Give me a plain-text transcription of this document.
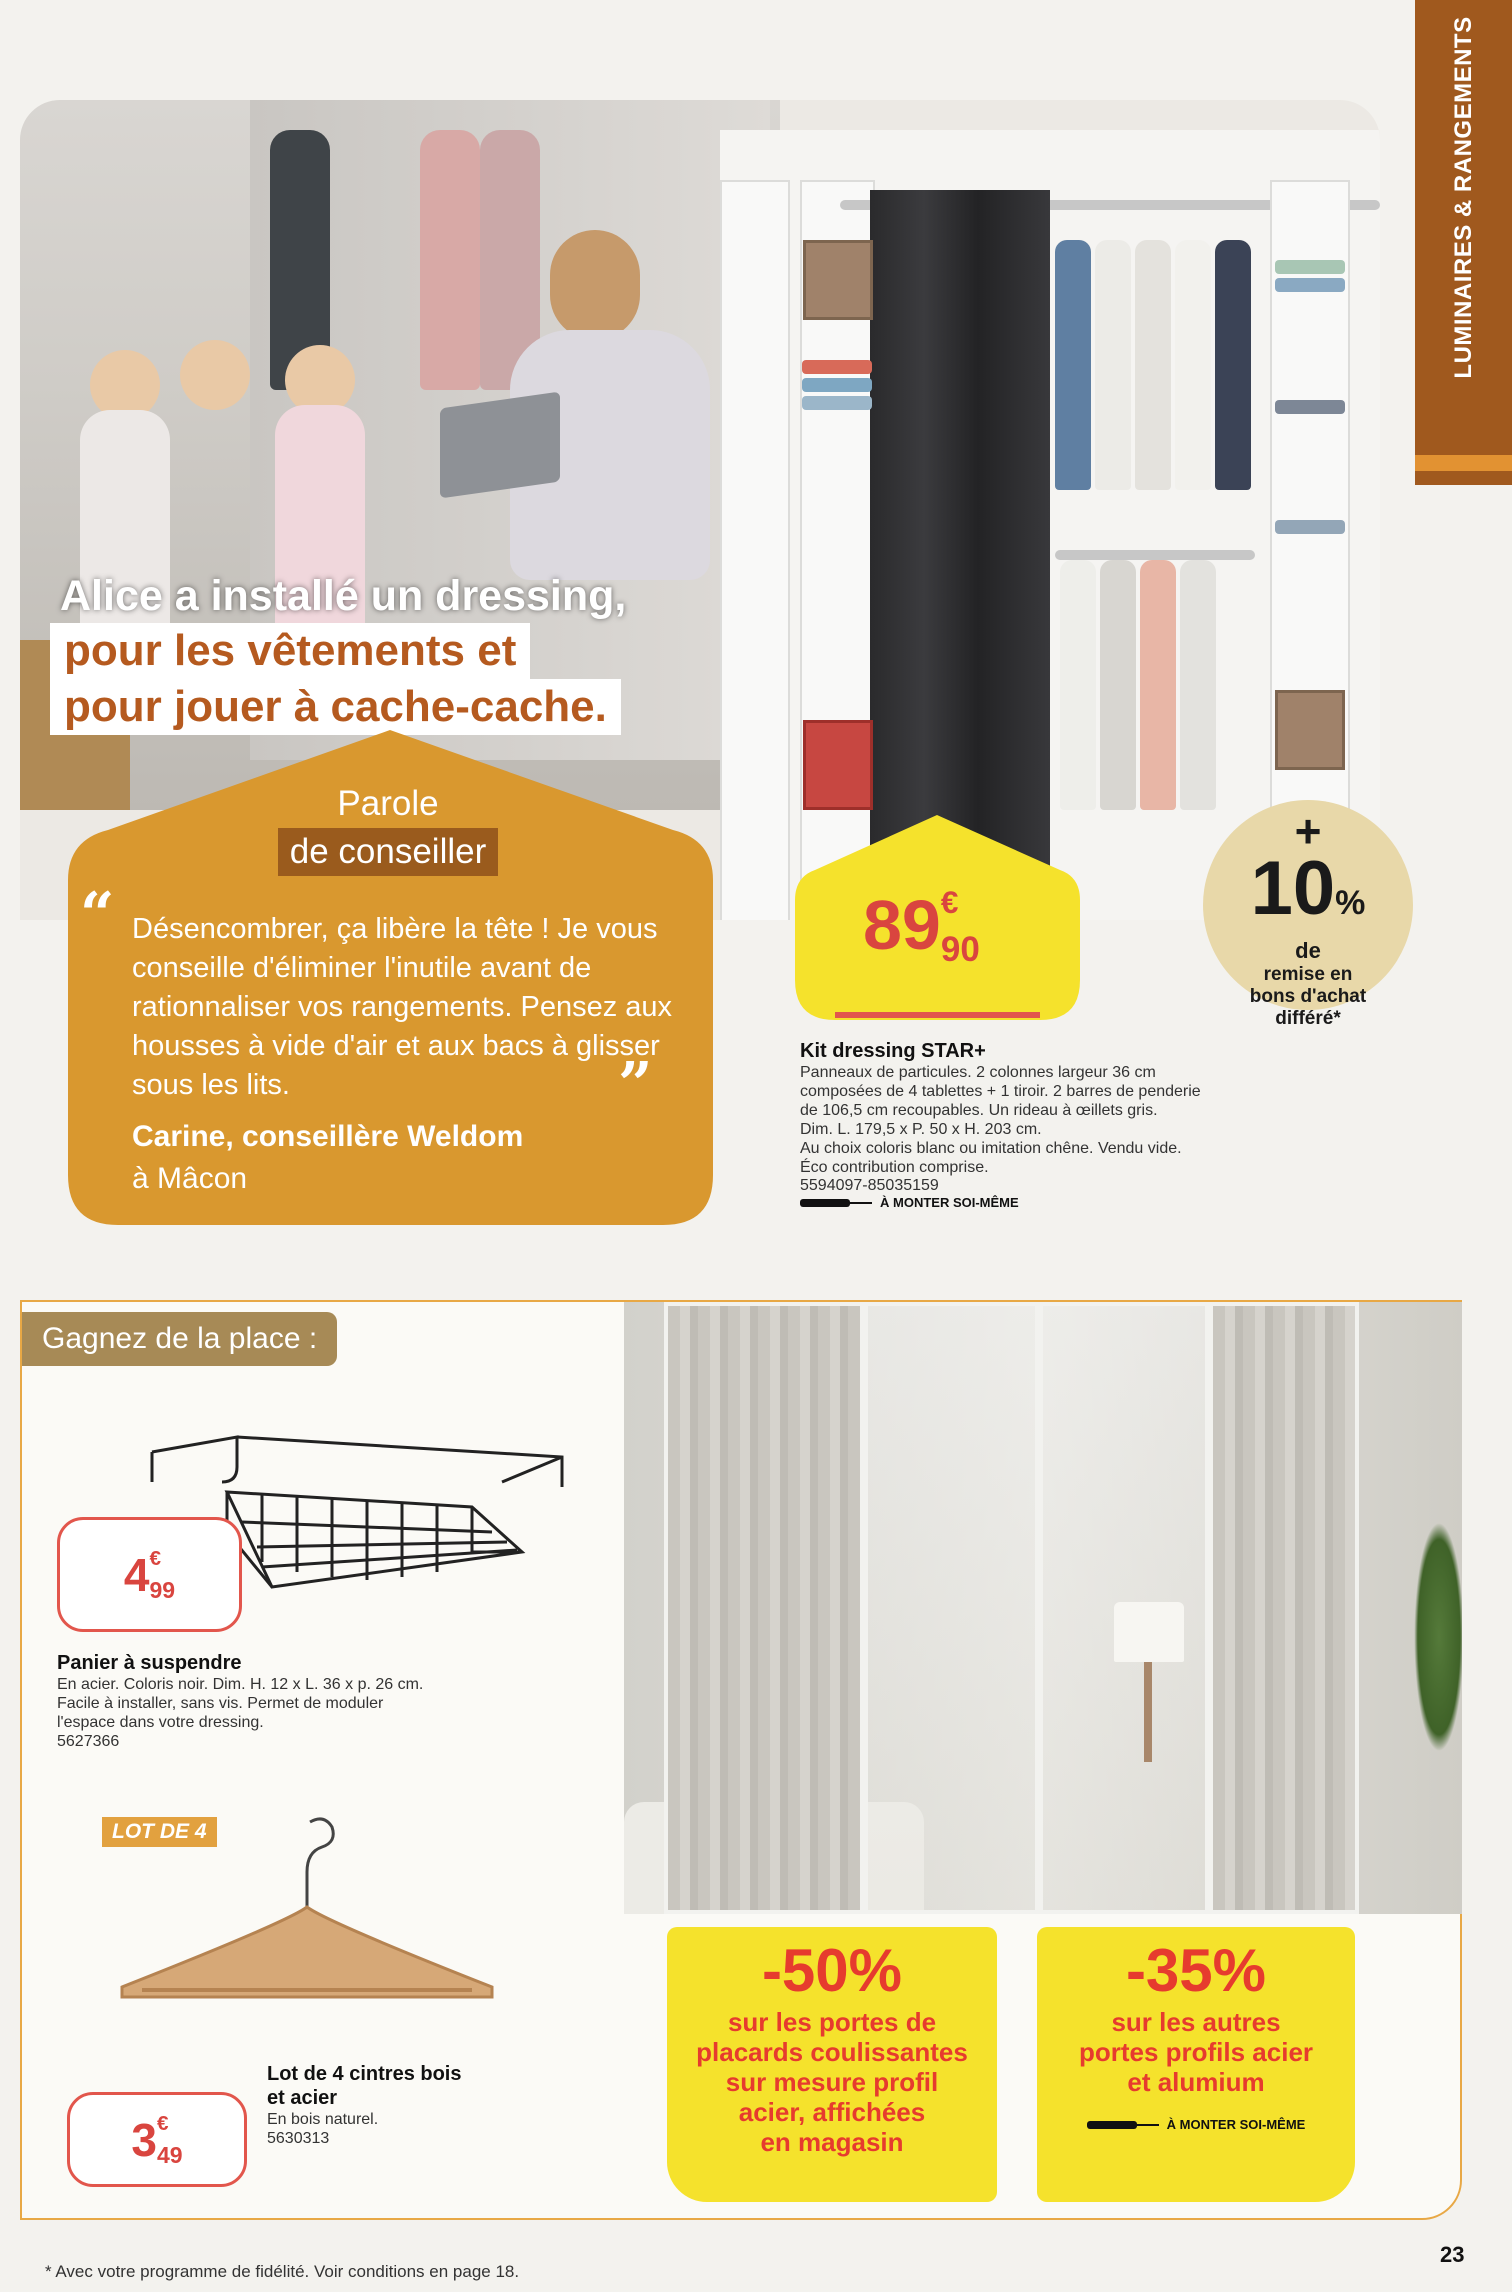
LUMINAIRES & RANGEMENTS
Alice a installé un dressing,
pour les vêtements et
pour jouer à cache-cache.
Parole
de conseiller
“ Désencombrer, ça libère la tête ! Je vous conseille d'éliminer l'inutile avant de rationnaliser vos rangements. Pensez aux housses à vide d'air et aux bacs à glisser sous les lits.	”
Carine, conseillère Weldom
à Mâcon
89 €
90
+
10%
de
remise en
bons d'achat
différé*
Kit dressing STAR+
Panneaux de particules. 2 colonnes largeur 36 cm
composées de 4 tablettes + 1 tiroir. 2 barres de penderie
de 106,5 cm recoupables. Un rideau à œillets gris.
Dim. L. 179,5 x P. 50 x H. 203 cm.
Au choix coloris blanc ou imitation chêne. Vendu vide.
Éco contribution comprise.
5594097-85035159
À MONTER SOI-MÊME
Gagnez de la place :
4 €
99
Panier à suspendre
En acier. Coloris noir. Dim. H. 12 x L. 36 x p. 26 cm.
Facile à installer, sans vis. Permet de moduler
l'espace dans votre dressing.
5627366
LOT DE 4
3 €
49
Lot de 4 cintres bois
et acier
En bois naturel.
5630313
-50%
sur les portes de
placards coulissantes
sur mesure profil
acier, affichées
en magasin
-35%
sur les autres
portes profils acier
et alumium
À MONTER SOI-MÊME
* Avec votre programme de fidélité. Voir conditions en page 18.
23
